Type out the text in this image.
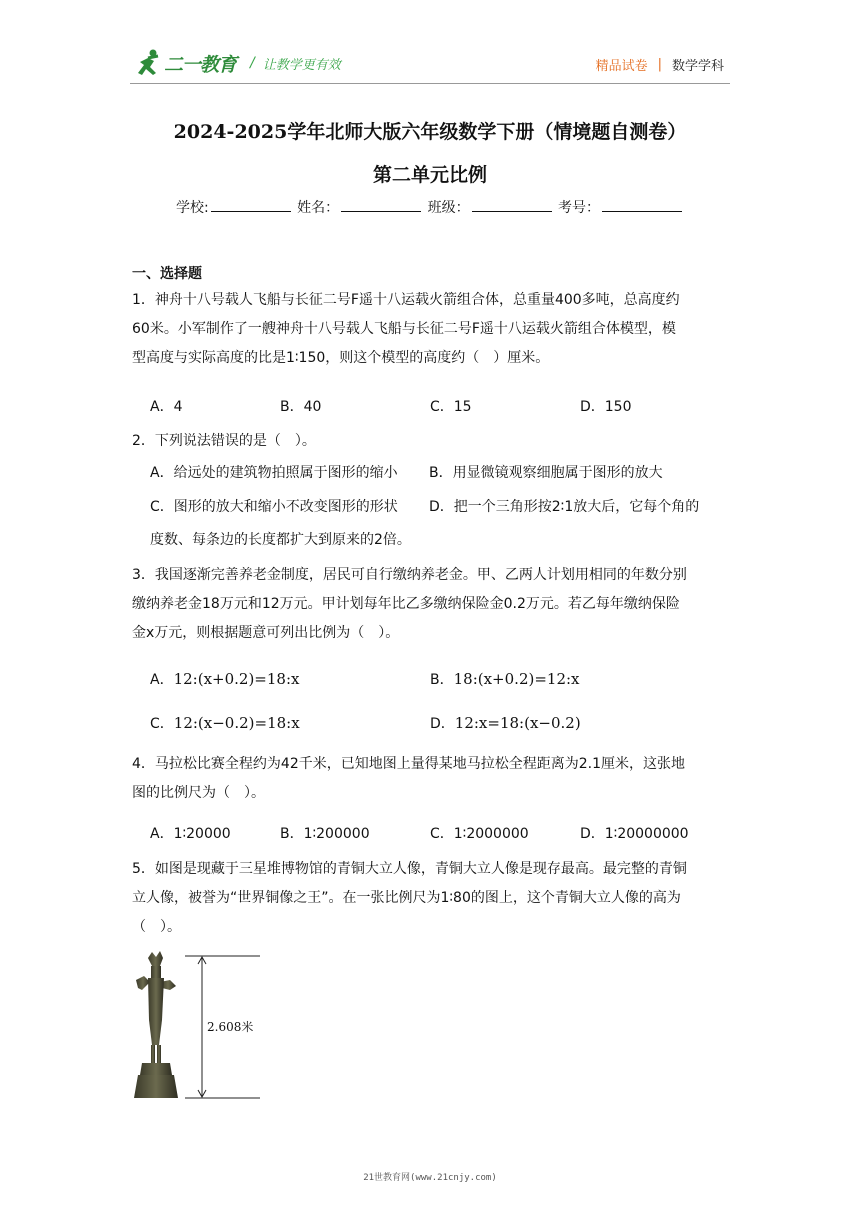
二一教育 / 让教学更有效	精品试卷 | 数学学科
2024-2025学年北师大版六年级数学下册（情境题自测卷）
第二单元比例
学校:	姓名：	班级：	考号：
一、选择题
1．神舟十八号载人飞船与长征二号F遥十八运载火箭组合体，总重量400多吨，总高度约
60米。小军制作了一艘神舟十八号载人飞船与长征二号F遥十八运载火箭组合体模型，模
型高度与实际高度的比是1∶150，则这个模型的高度约（　）厘米。
A．4	B．40	C．15	D．150
2．下列说法错误的是（　）。
A．给远处的建筑物拍照属于图形的缩小 B．用显微镜观察细胞属于图形的放大
C．图形的放大和缩小不改变图形的形状 D．把一个三角形按2∶1放大后，它每个角的
度数、每条边的长度都扩大到原来的2倍。
3．我国逐渐完善养老金制度，居民可自行缴纳养老金。甲、乙两人计划用相同的年数分别
缴纳养老金18万元和12万元。甲计划每年比乙多缴纳保险金0.2万元。若乙每年缴纳保险
金x万元，则根据题意可列出比例为（　）。
A．12:(x+0.2)=18:x	B．18:(x+0.2)=12:x
C．12:(x−0.2)=18:x	D．12:x=18:(x−0.2)
4．马拉松比赛全程约为42千米，已知地图上量得某地马拉松全程距离为2.1厘米，这张地
图的比例尺为（　）。
A．1∶20000	B．1∶200000	C．1∶2000000	D．1∶20000000
5．如图是现藏于三星堆博物馆的青铜大立人像，青铜大立人像是现存最高。最完整的青铜
立人像，被誉为“世界铜像之王”。在一张比例尺为1∶80的图上，这个青铜大立人像的高为
（　）。
2.608米
21世教育网(www.21cnjy.com)
